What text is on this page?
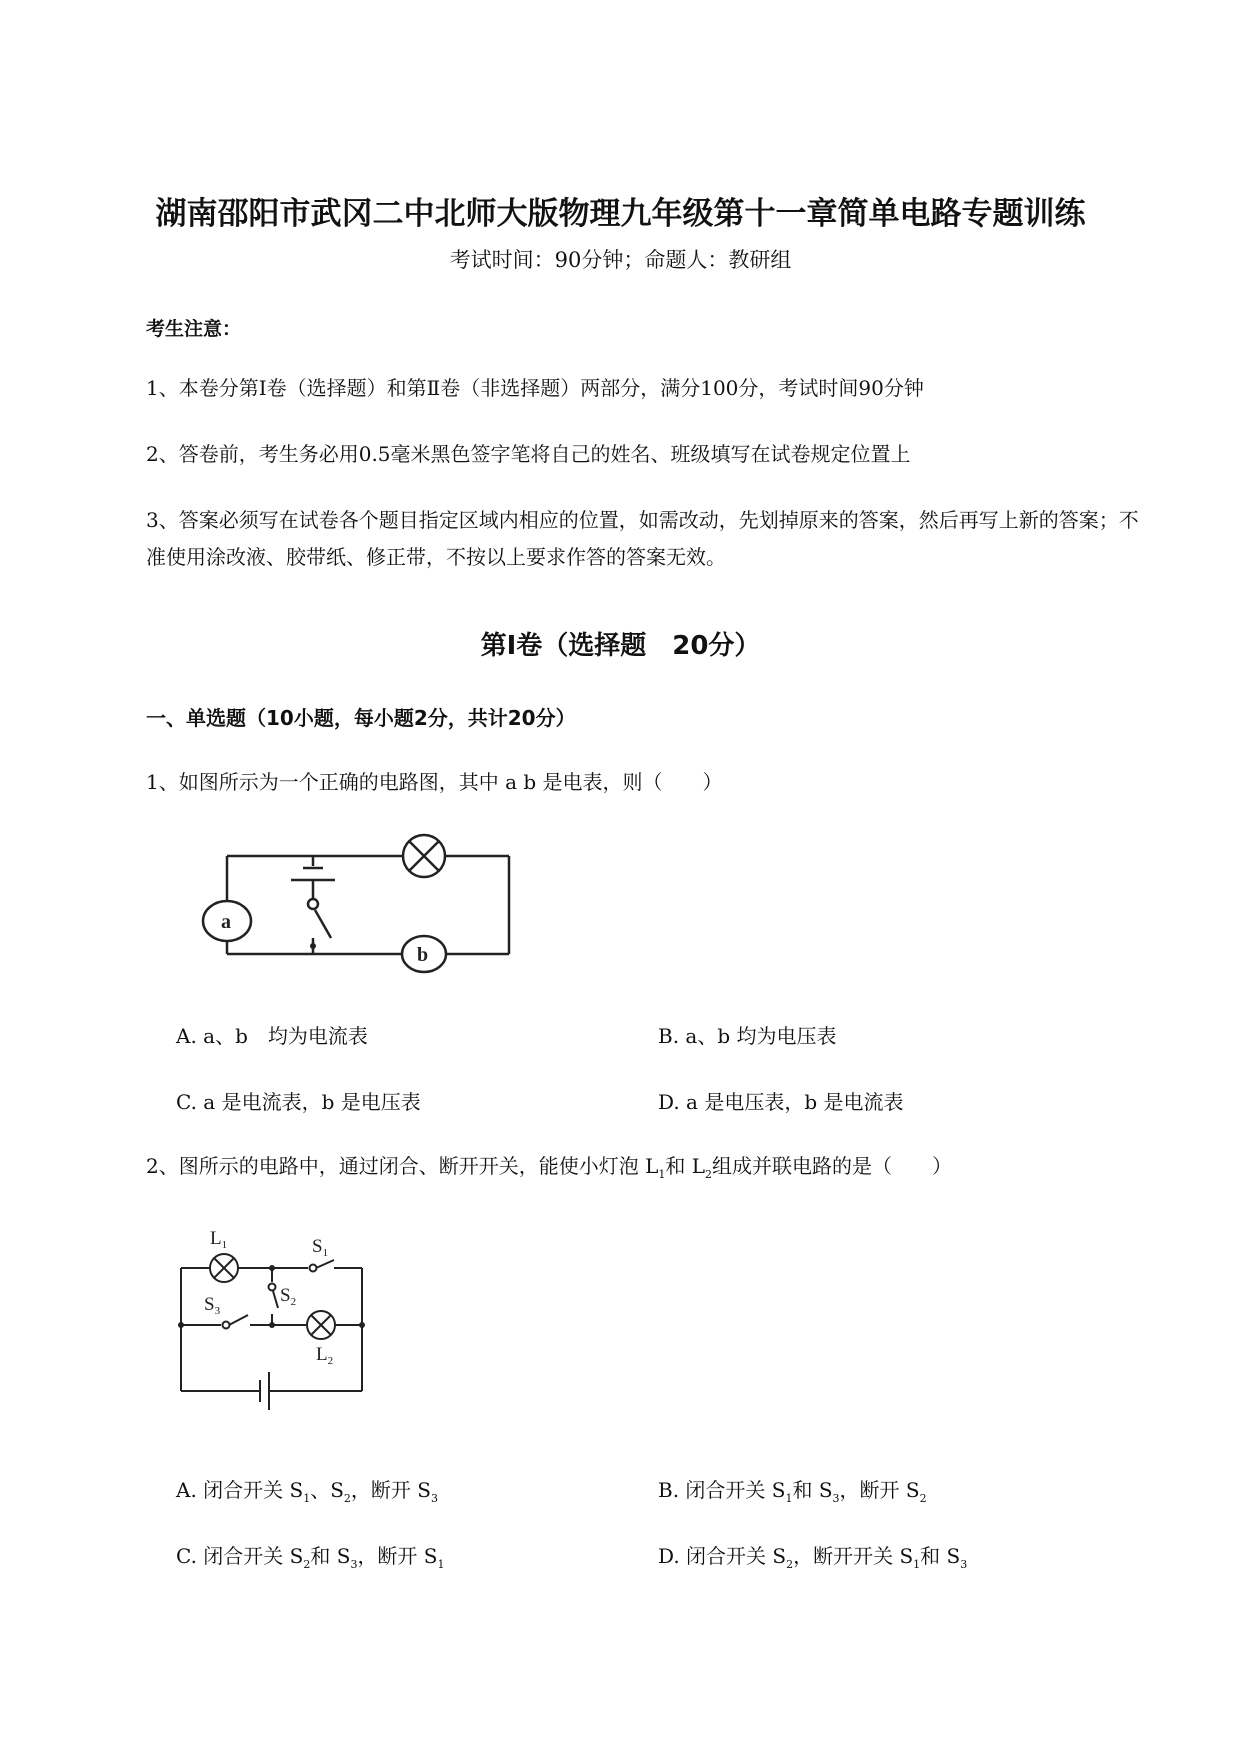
湖南邵阳市武冈二中北师大版物理九年级第十一章简单电路专题训练
考试时间：90分钟；命题人：教研组
考生注意：
1、本卷分第I卷（选择题）和第Ⅱ卷（非选择题）两部分，满分100分，考试时间90分钟
2、答卷前，考生务必用0.5毫米黑色签字笔将自己的姓名、班级填写在试卷规定位置上
3、答案必须写在试卷各个题目指定区域内相应的位置，如需改动，先划掉原来的答案，然后再写上新的答案；不准使用涂改液、胶带纸、修正带，不按以上要求作答的答案无效。
第I卷（选择题　20分）
一、单选题（10小题，每小题2分，共计20分）
1、如图所示为一个正确的电路图，其中 a b 是电表，则（　　）
a
b
A. a、b　均为电流表	B. a、b 均为电压表
C. a 是电流表，b 是电压表	D. a 是电压表，b 是电流表
2、图所示的电路中，通过闭合、断开开关，能使小灯泡 $L_1$和 $L_2$组成并联电路的是（　　）
$L_1$	$S_1$
$S_2$
$S_3$
$L_2$
A. 闭合开关 $S_1$、$S_2$，断开 $S_3$	B. 闭合开关 $S_1$和 $S_3$，断开 $S_2$
C. 闭合开关 $S_2$和 $S_3$，断开 $S_1$	D. 闭合开关 $S_2$，断开开关 $S_1$和 $S_3$
